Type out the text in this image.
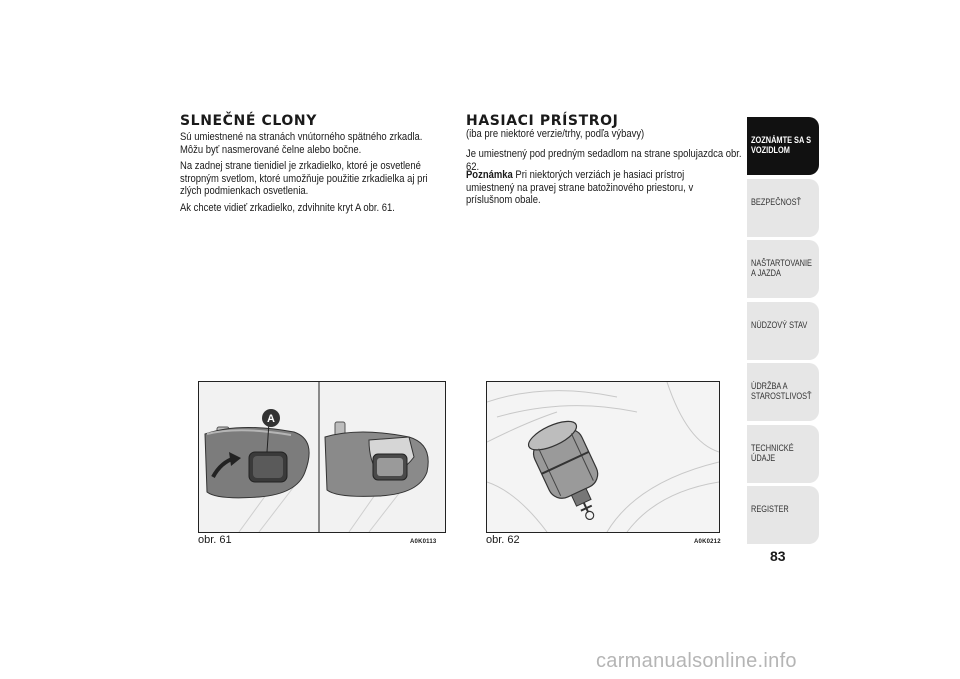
SLNEČNÉ CLONY

Sú umiestnené na stranách vnútorného spätného zrkadla. Môžu byť nasmerované čelne alebo bočne.

Na zadnej strane tienidiel je zrkadielko, ktoré je osvetlené stropným svetlom, ktoré umožňuje použitie zrkadielka aj pri zlých podmienkach osvetlenia.

Ak chcete vidieť zrkadielko, zdvihnite kryt A obr. 61.

HASIACI PRÍSTROJ

(iba pre niektoré verzie/trhy, podľa výbavy)

Je umiestnený pod predným sedadlom na strane spolujazdca obr. 62.

Poznámka Pri niektorých verziách je hasiaci prístroj umiestnený na pravej strane batožinového priestoru, v príslušnom obale.

A
obr. 61	A0K0113	obr. 62	A0K0212
ZOZNÁMTE SA S VOZIDLOM
BEZPEČNOSŤ
NAŠTARTOVANIE A JAZDA
NÚDZOVÝ STAV
ÚDRŽBA A STAROSTLIVOSŤ
TECHNICKÉ ÚDAJE
REGISTER
83
carmanualsonline.info
